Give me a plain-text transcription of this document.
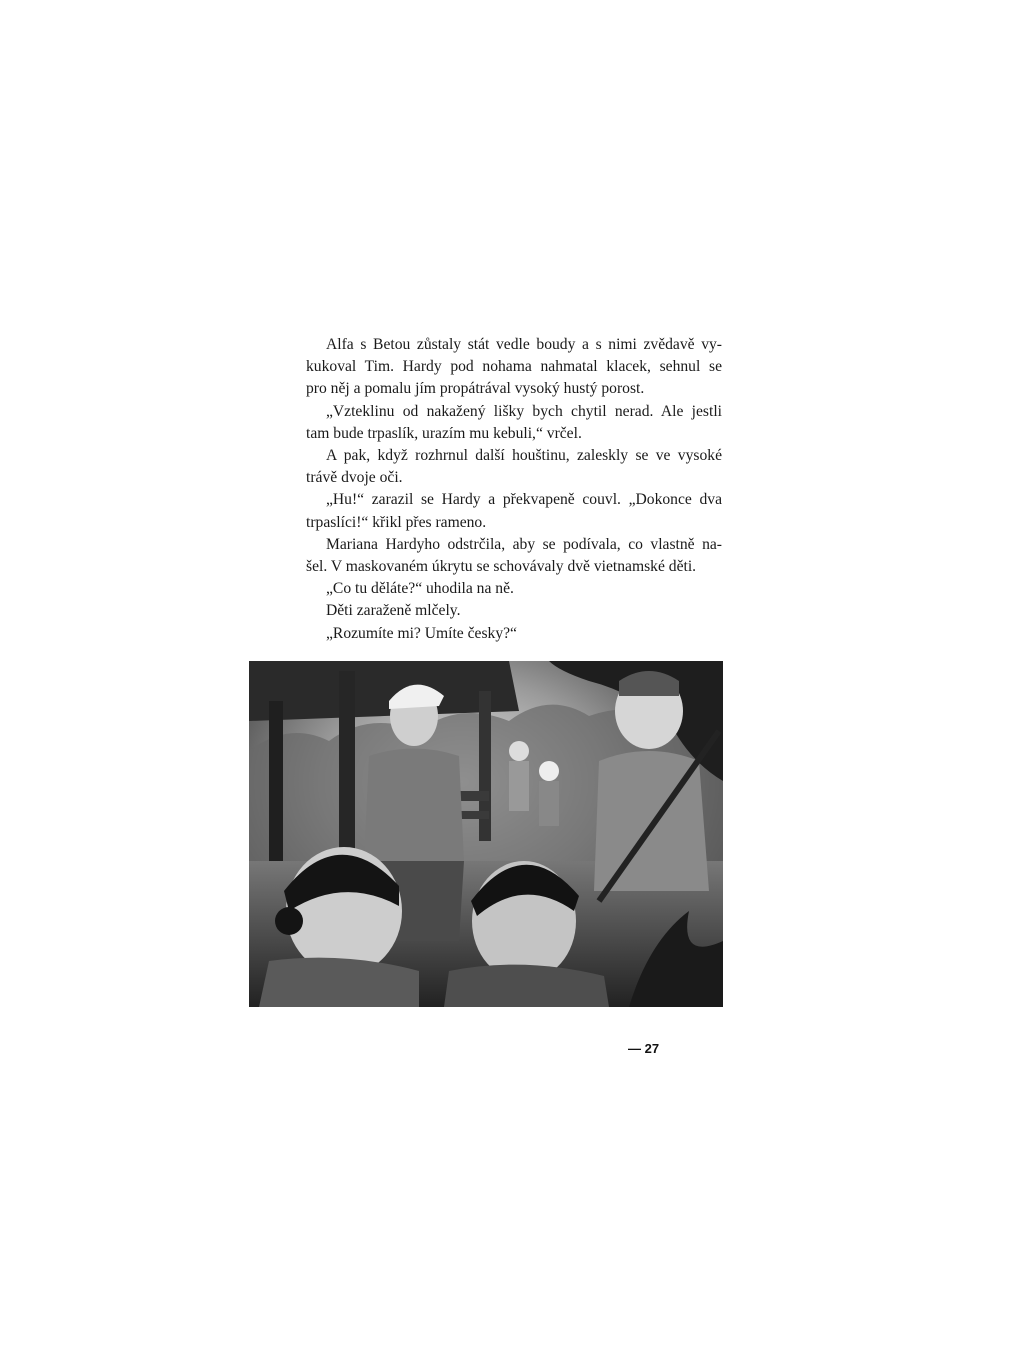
Alfa s Betou zůstaly stát vedle boudy a s nimi zvědavě vy-
kukoval Tim. Hardy pod nohama nahmatal klacek, sehnul se
pro něj a pomalu jím propátrával vysoký hustý porost.

„Vzteklinu od nakažený lišky bych chytil nerad. Ale jestli
tam bude trpaslík, urazím mu kebuli,“ vrčel.

A pak, když rozhrnul další houštinu, zaleskly se ve vysoké
trávě dvoje oči.

„Hu!“ zarazil se Hardy a překvapeně couvl. „Dokonce dva
trpaslíci!“ křikl přes rameno.

Mariana Hardyho odstrčila, aby se podívala, co vlastně na-
šel. V maskovaném úkrytu se schovávaly dvě vietnamské děti.

„Co tu děláte?“ uhodila na ně.

Děti zaraženě mlčely.

„Rozumíte mi? Umíte česky?“

— 27
